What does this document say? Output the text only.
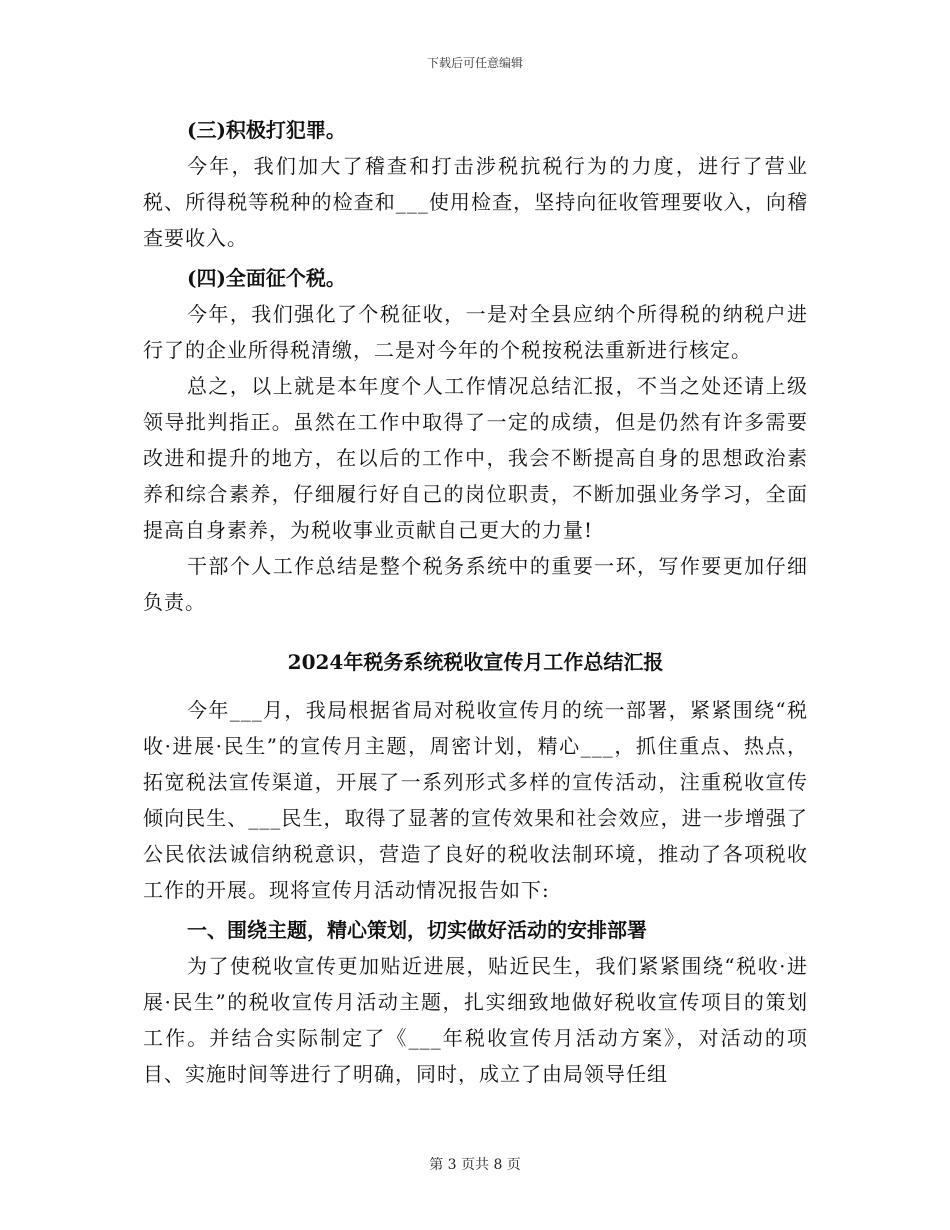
下载后可任意编辑
(三)积极打犯罪。
今年，我们加大了稽查和打击涉税抗税行为的力度，进行了营业税、所得税等税种的检查和___使用检查，坚持向征收管理要收入，向稽查要收入。
(四)全面征个税。
今年，我们强化了个税征收，一是对全县应纳个所得税的纳税户进行了的企业所得税清缴，二是对今年的个税按税法重新进行核定。
总之，以上就是本年度个人工作情况总结汇报，不当之处还请上级领导批判指正。虽然在工作中取得了一定的成绩，但是仍然有许多需要改进和提升的地方，在以后的工作中，我会不断提高自身的思想政治素养和综合素养，仔细履行好自己的岗位职责，不断加强业务学习，全面提高自身素养，为税收事业贡献自己更大的力量!
干部个人工作总结是整个税务系统中的重要一环，写作要更加仔细负责。
2024年税务系统税收宣传月工作总结汇报
今年___月，我局根据省局对税收宣传月的统一部署，紧紧围绕“税收·进展·民生”的宣传月主题，周密计划，精心___，抓住重点、热点，拓宽税法宣传渠道，开展了一系列形式多样的宣传活动，注重税收宣传倾向民生、___民生，取得了显著的宣传效果和社会效应，进一步增强了公民依法诚信纳税意识，营造了良好的税收法制环境，推动了各项税收工作的开展。现将宣传月活动情况报告如下:
一、围绕主题，精心策划，切实做好活动的安排部署
为了使税收宣传更加贴近进展，贴近民生，我们紧紧围绕“税收·进展·民生”的税收宣传月活动主题，扎实细致地做好税收宣传项目的策划工作。并结合实际制定了《___年税收宣传月活动方案》，对活动的项目、实施时间等进行了明确，同时，成立了由局领导任组
第 3 页共 8 页
